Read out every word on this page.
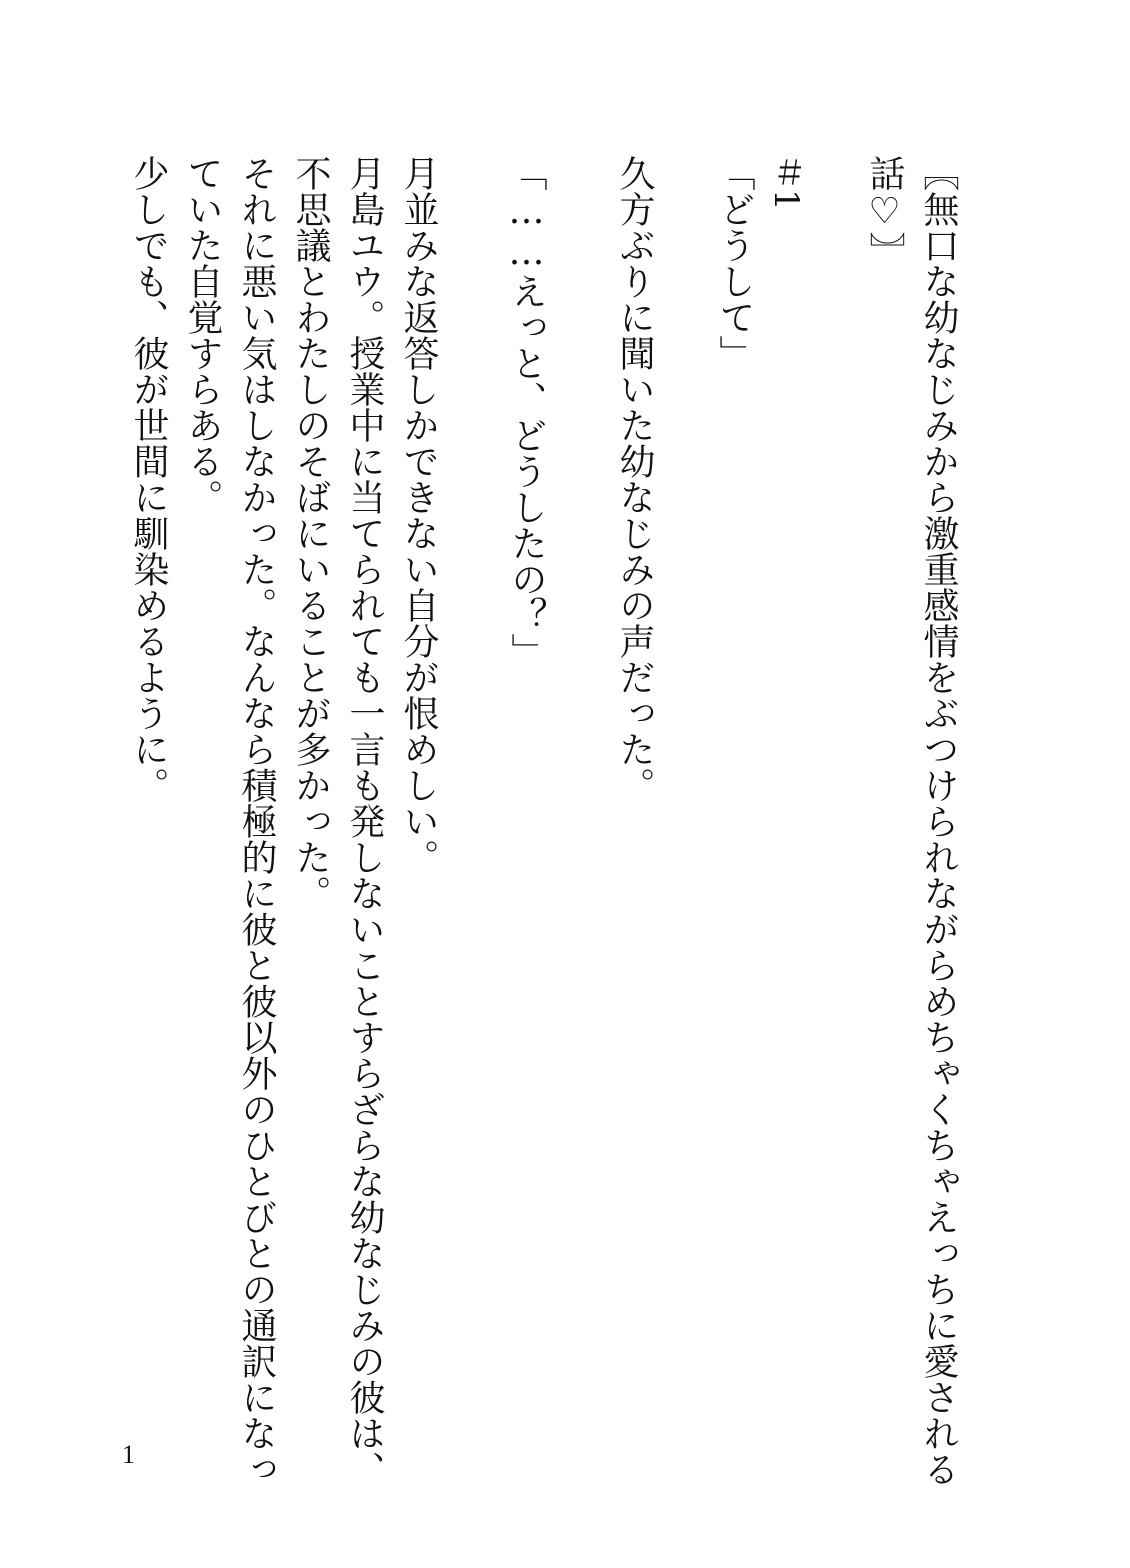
〖無口な幼なじみから激重感情をぶつけられながらめちゃくちゃえっちに愛される
話♡〗
＃1
「どうして」
久方ぶりに聞いた幼なじみの声だった。
「……えっと、どうしたの？」
月並みな返答しかできない自分が恨めしい。
月島ユウ。授業中に当てられても一言も発しないことすらざらな幼なじみの彼は、
不思議とわたしのそばにいることが多かった。
それに悪い気はしなかった。なんなら積極的に彼と彼以外のひとびとの通訳になっ
ていた自覚すらある。
少しでも、彼が世間に馴染めるように。
1
